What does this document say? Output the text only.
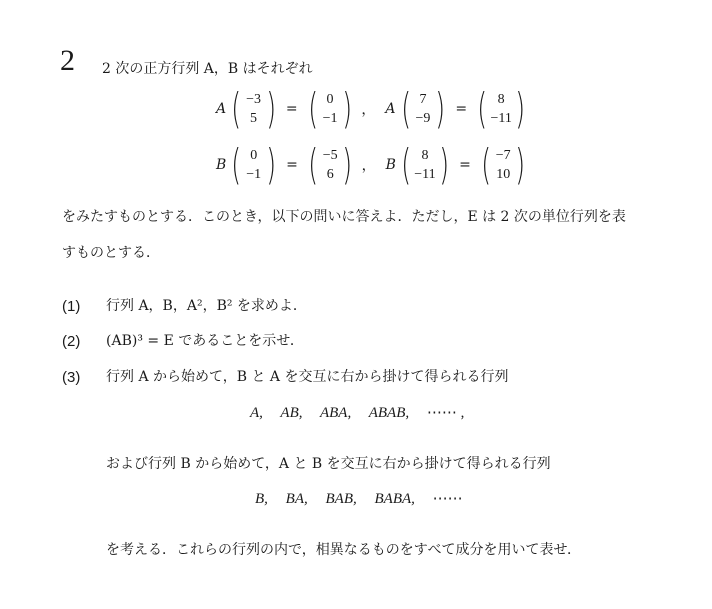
2 2 次の正方行列 A，B はそれぞれ
A ( −3
5 ) = ( 0
−1 ) ， A ( 7
−9 ) = ( 8
−11 )
B ( 0
−1 ) = ( −5
6 ) ， B ( 8
−11 ) = ( −7
10 )
をみたすものとする．このとき，以下の問いに答えよ．ただし，E は 2 次の単位行列を表
すものとする．
(1) 行列 A，B，A²，B² を求めよ．
(2) (AB)³ = E であることを示せ．
(3) 行列 A から始めて，B と A を交互に右から掛けて得られる行列
A, AB, ABA, ABAB, ⋯⋯ ,
および行列 B から始めて，A と B を交互に右から掛けて得られる行列
B, BA, BAB, BABA, ⋯⋯
を考える．これらの行列の内で，相異なるものをすべて成分を用いて表せ．
